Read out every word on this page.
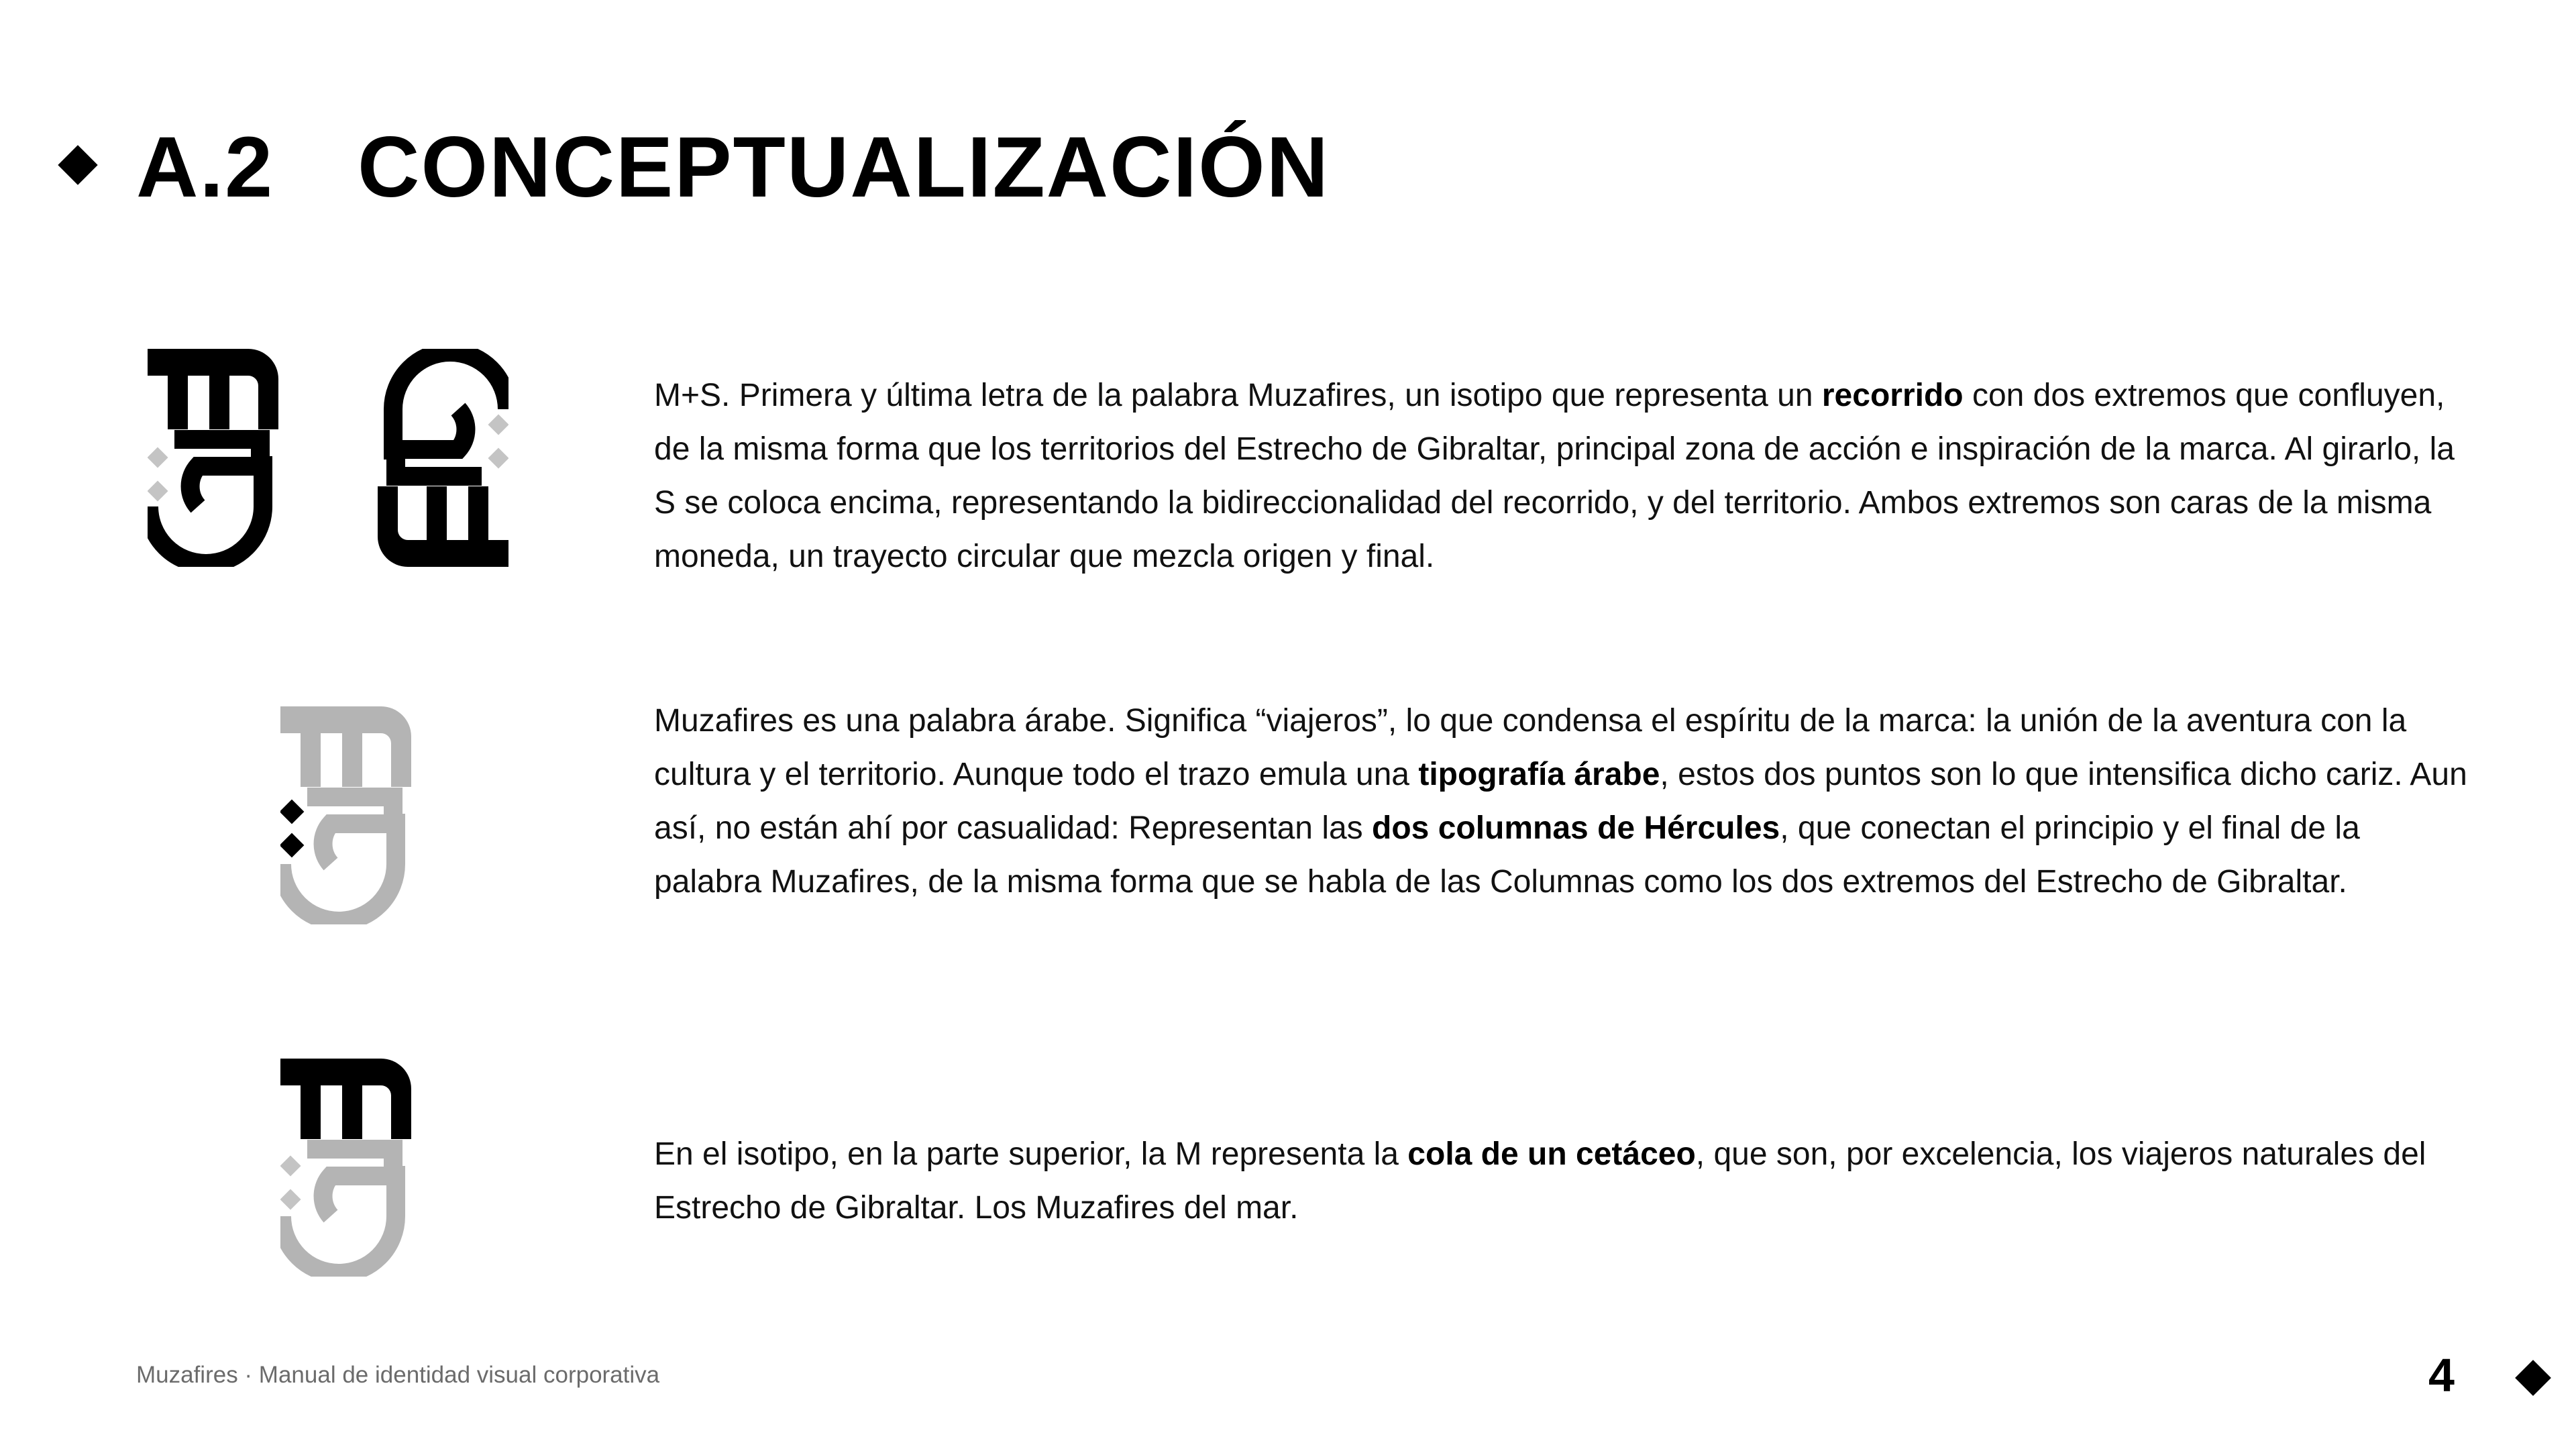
A.2 CONCEPTUALIZACIÓN

M+S. Primera y última letra de la palabra Muzafires, un isotipo que representa un recorrido con dos extremos que confluyen, de la misma forma que los territorios del Estrecho de Gibraltar, principal zona de acción e inspiración de la marca. Al girarlo, la S se coloca encima, representando la bidireccionalidad del recorrido, y del territorio. Ambos extremos son caras de la misma moneda, un trayecto circular que mezcla origen y final.

Muzafires es una palabra árabe. Significa “viajeros”, lo que condensa el espíritu de la marca: la unión de la aventura con la cultura y el territorio. Aunque todo el trazo emula una tipografía árabe, estos dos puntos son lo que intensifica dicho cariz. Aun así, no están ahí por casualidad: Representan las dos columnas de Hércules, que conectan el principio y el final de la palabra Muzafires, de la misma forma que se habla de las Columnas como los dos extremos del Estrecho de Gibraltar.

En el isotipo, en la parte superior, la M representa la cola de un cetáceo, que son, por excelencia, los viajeros naturales del Estrecho de Gibraltar. Los Muzafires del mar.

Muzafires · Manual de identidad visual corporativa	4
